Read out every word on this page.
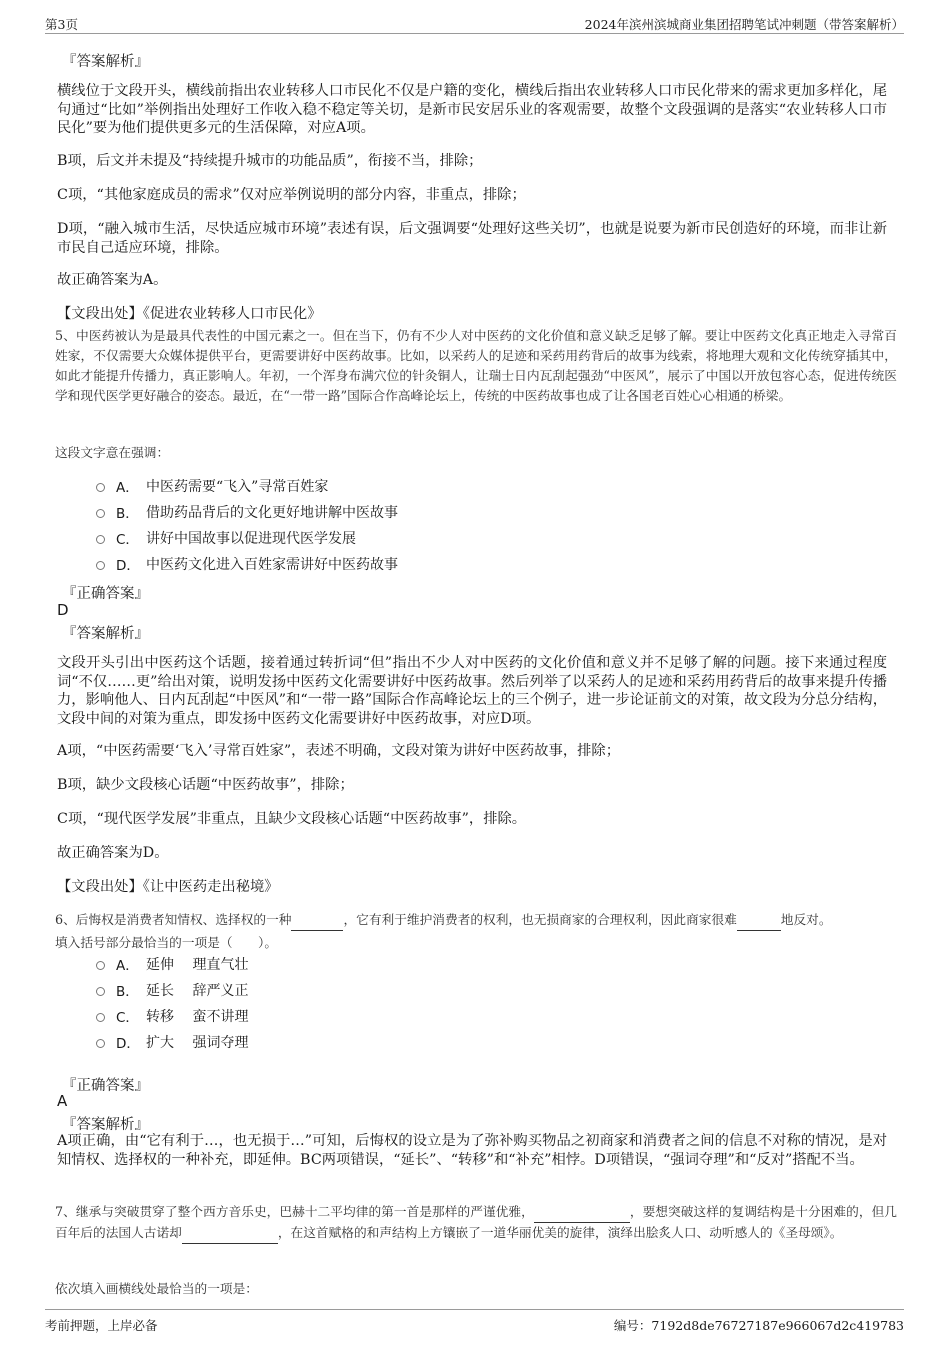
第3页	2024年滨州滨城商业集团招聘笔试冲刺题（带答案解析）
『答案解析』

横线位于文段开头，横线前指出农业转移人口市民化不仅是户籍的变化，横线后指出农业转移人口市民化带来的需求更加多样化，尾句通过“比如”举例指出处理好工作收入稳不稳定等关切，是新市民安居乐业的客观需要，故整个文段强调的是落实“农业转移人口市民化”要为他们提供更多元的生活保障，对应A项。

B项，后文并未提及“持续提升城市的功能品质”，衔接不当，排除；

C项，“其他家庭成员的需求”仅对应举例说明的部分内容，非重点，排除；

D项，“融入城市生活，尽快适应城市环境”表述有误，后文强调要“处理好这些关切”，也就是说要为新市民创造好的环境，而非让新市民自己适应环境，排除。

故正确答案为A。

【文段出处】《促进农业转移人口市民化》

5、中医药被认为是最具代表性的中国元素之一。但在当下，仍有不少人对中医药的文化价值和意义缺乏足够了解。要让中医药文化真正地走入寻常百姓家，不仅需要大众媒体提供平台，更需要讲好中医药故事。比如，以采药人的足迹和采药用药背后的故事为线索，将地理大观和文化传统穿插其中，如此才能提升传播力，真正影响人。年初，一个浑身布满穴位的针灸铜人，让瑞士日内瓦刮起强劲“中医风”，展示了中国以开放包容心态，促进传统医学和现代医学更好融合的姿态。最近，在“一带一路”国际合作高峰论坛上，传统的中医药故事也成了让各国老百姓心心相通的桥梁。

这段文字意在强调：

A． 中医药需要“飞入”寻常百姓家
B． 借助药品背后的文化更好地讲解中医故事
C． 讲好中国故事以促进现代医学发展
D． 中医药文化进入百姓家需讲好中医药故事
『正确答案』
D
『答案解析』

文段开头引出中医药这个话题，接着通过转折词“但”指出不少人对中医药的文化价值和意义并不足够了解的问题。接下来通过程度词“不仅……更”给出对策，说明发扬中医药文化需要讲好中医药故事。然后列举了以采药人的足迹和采药用药背后的故事来提升传播力，影响他人、日内瓦刮起“中医风”和“一带一路”国际合作高峰论坛上的三个例子，进一步论证前文的对策，故文段为分总分结构，文段中间的对策为重点，即发扬中医药文化需要讲好中医药故事，对应D项。

A项，“中医药需要‘飞入’寻常百姓家”，表述不明确，文段对策为讲好中医药故事，排除；

B项，缺少文段核心话题“中医药故事”，排除；

C项，“现代医学发展”非重点，且缺少文段核心话题“中医药故事”，排除。

故正确答案为D。

【文段出处】《让中医药走出秘境》

6、后悔权是消费者知情权、选择权的一种	，它有利于维护消费者的权利，也无损商家的合理权利，因此商家很难	地反对。

填入括号部分最恰当的一项是（　　）。

A． 延伸　 理直气壮
B． 延长　 辞严义正
C． 转移　 蛮不讲理
D． 扩大　 强词夺理
『正确答案』
A
『答案解析』

A项正确，由“它有利于…，也无损于…”可知，后悔权的设立是为了弥补购买物品之初商家和消费者之间的信息不对称的情况，是对知情权、选择权的一种补充，即延伸。BC两项错误，“延长”、“转移”和“补充”相悖。D项错误，“强词夺理”和“反对”搭配不当。

7、继承与突破贯穿了整个西方音乐史，巴赫十二平均律的第一首是那样的严谨优雅，	，要想突破这样的复调结构是十分困难的，但几百年后的法国人古诺却	，在这首赋格的和声结构上方镶嵌了一道华丽优美的旋律，演绎出脍炙人口、动听感人的《圣母颂》。

依次填入画横线处最恰当的一项是：

考前押题，上岸必备	编号：7192d8de76727187e966067d2c419783
